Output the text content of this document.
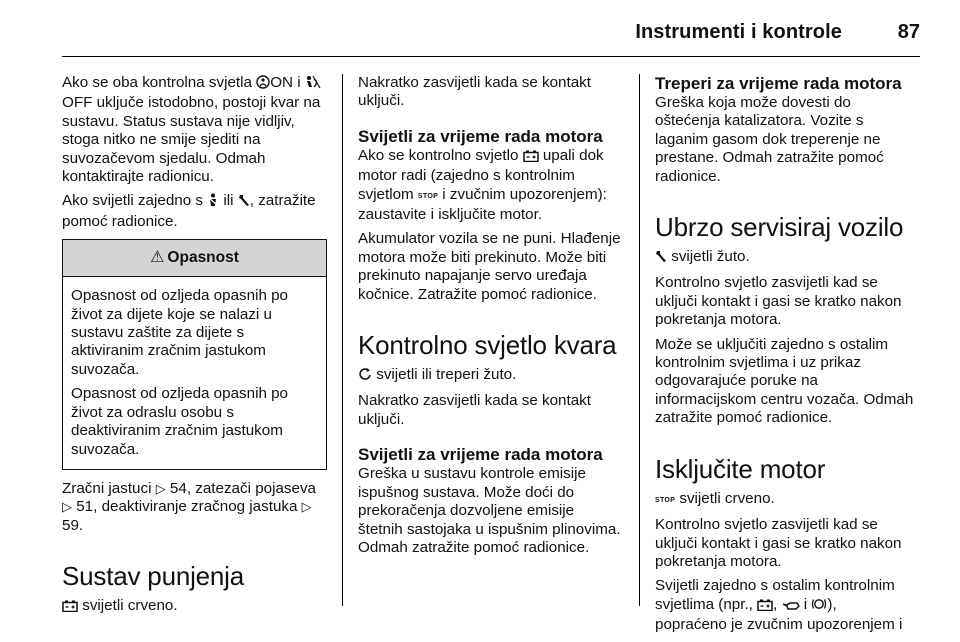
Instrumenti i kontrole	87

Ako se oba kontrolna svjetla ON i OFF uključe istodobno, postoji kvar na sustavu. Status sustava nije vidljiv, stoga nitko ne smije sjediti na suvozačevom sjedalu. Odmah kontaktirajte radionicu.

Ako svijetli zajedno s  ili , zatražite pomoć radionice.

⚠ Opasnost

Opasnost od ozljeda opasnih po život za dijete koje se nalazi u sustavu zaštite za dijete s aktiviranim zračnim jastukom suvozača.

Opasnost od ozljeda opasnih po život za odraslu osobu s deaktiviranim zračnim jastukom suvozača.

Zračni jastuci ▷ 54, zatezači pojaseva ▷ 51, deaktiviranje zračnog jastuka ▷ 59.

Sustav punjenja

svijetli crveno.

Nakratko zasvijetli kada se kontakt uključi.

Svijetli za vrijeme rada motora

Ako se kontrolno svjetlo  upali dok motor radi (zajedno s kontrolnim svjetlom STOP i zvučnim upozorenjem): zaustavite i isključite motor.

Akumulator vozila se ne puni. Hlađenje motora može biti prekinuto. Može biti prekinuto napajanje servo uređaja kočnice. Zatražite pomoć radionice.

Kontrolno svjetlo kvara

svijetli ili treperi žuto.

Nakratko zasvijetli kada se kontakt uključi.

Svijetli za vrijeme rada motora

Greška u sustavu kontrole emisije ispušnog sustava. Može doći do prekoračenja dozvoljene emisije štetnih sastojaka u ispušnim plinovima. Odmah zatražite pomoć radionice.

Treperi za vrijeme rada motora

Greška koja može dovesti do oštećenja katalizatora. Vozite s laganim gasom dok treperenje ne prestane. Odmah zatražite pomoć radionice.

Ubrzo servisiraj vozilo

svijetli žuto.

Kontrolno svjetlo zasvijetli kad se uključi kontakt i gasi se kratko nakon pokretanja motora.

Može se uključiti zajedno s ostalim kontrolnim svjetlima i uz prikaz odgovarajuće poruke na informacijskom centru vozača. Odmah zatražite pomoć radionice.

Isključite motor

STOP svijetli crveno.

Kontrolno svjetlo zasvijetli kad se uključi kontakt i gasi se kratko nakon pokretanja motora.

Svijetli zajedno s ostalim kontrolnim svjetlima (npr., ,  i ),
popraćeno je zvučnim upozorenjem i
